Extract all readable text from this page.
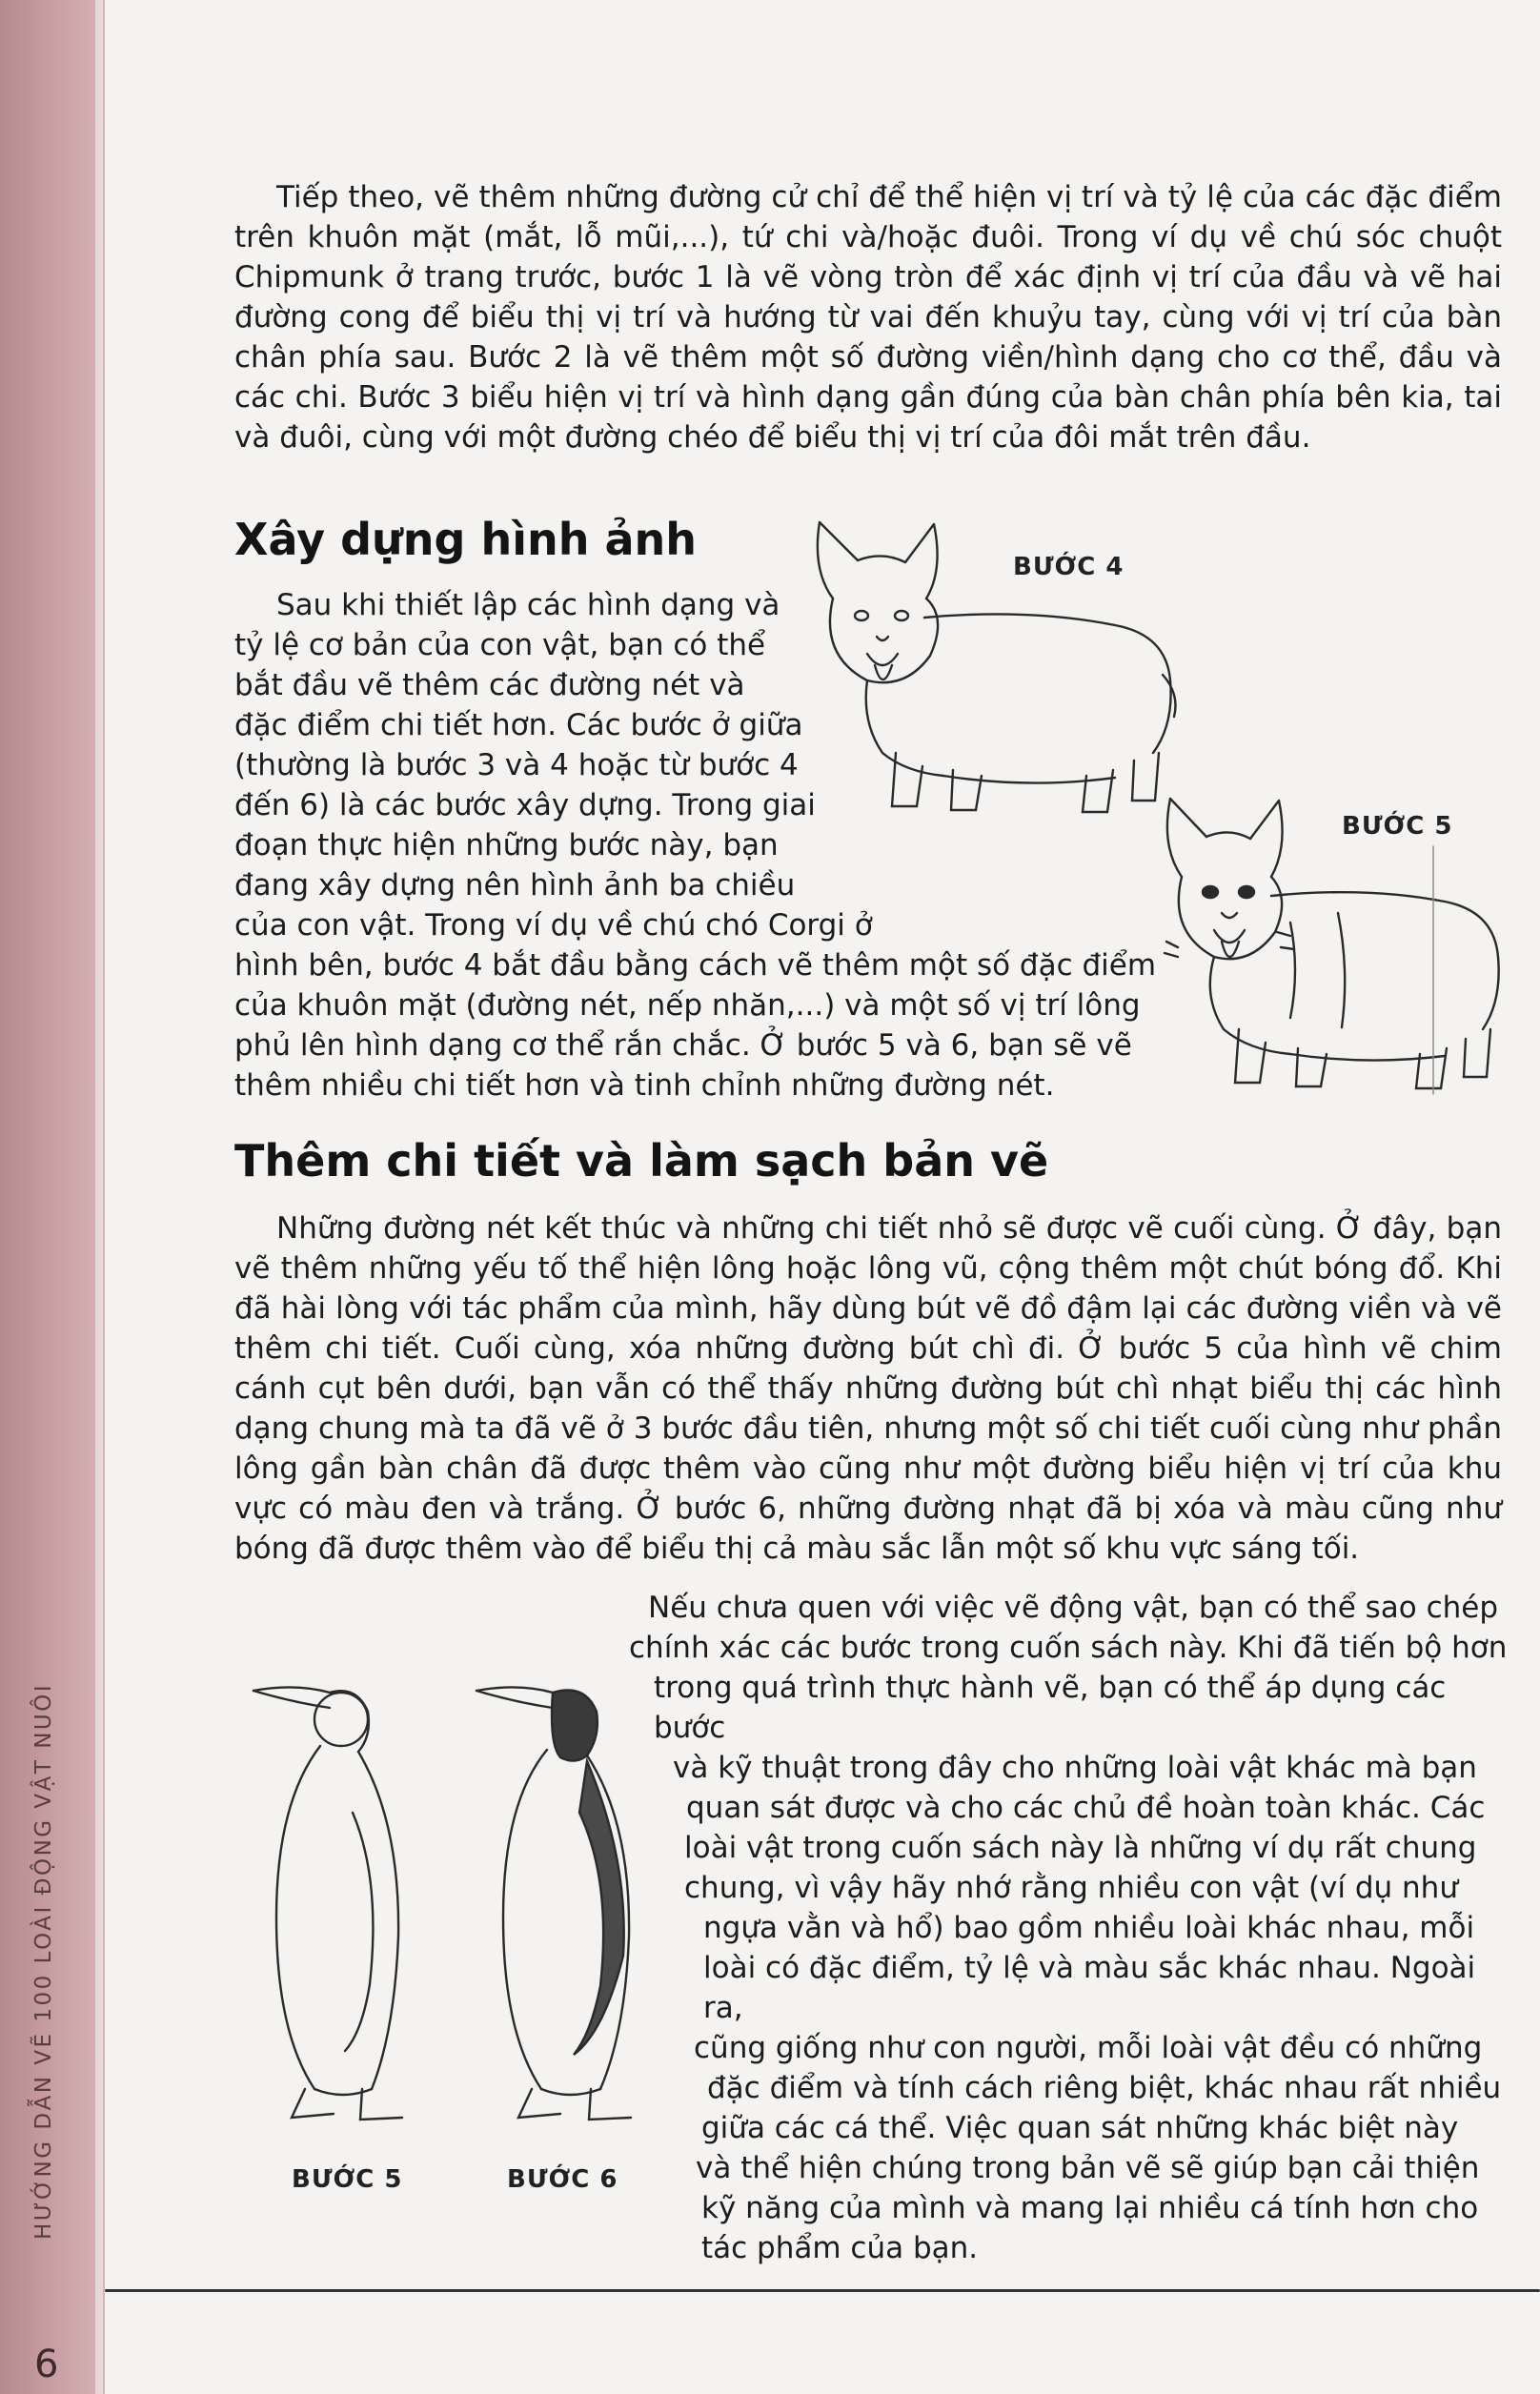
HƯỚNG DẪN VẼ 100 LOÀI ĐỘNG VẬT NUÔI
6

Tiếp theo, vẽ thêm những đường cử chỉ để thể hiện vị trí và tỷ lệ của các đặc điểm trên khuôn mặt (mắt, lỗ mũi,...), tứ chi và/hoặc đuôi. Trong ví dụ về chú sóc chuột Chipmunk ở trang trước, bước 1 là vẽ vòng tròn để xác định vị trí của đầu và vẽ hai đường cong để biểu thị vị trí và hướng từ vai đến khuỷu tay, cùng với vị trí của bàn chân phía sau. Bước 2 là vẽ thêm một số đường viền/hình dạng cho cơ thể, đầu và các chi. Bước 3 biểu hiện vị trí và hình dạng gần đúng của bàn chân phía bên kia, tai và đuôi, cùng với một đường chéo để biểu thị vị trí của đôi mắt trên đầu.

Xây dựng hình ảnh
Sau khi thiết lập các hình dạng và
tỷ lệ cơ bản của con vật, bạn có thể
bắt đầu vẽ thêm các đường nét và
đặc điểm chi tiết hơn. Các bước ở giữa
(thường là bước 3 và 4 hoặc từ bước 4
đến 6) là các bước xây dựng. Trong giai
đoạn thực hiện những bước này, bạn
đang xây dựng nên hình ảnh ba chiều
của con vật. Trong ví dụ về chú chó Corgi ở
hình bên, bước 4 bắt đầu bằng cách vẽ thêm một số đặc điểm
của khuôn mặt (đường nét, nếp nhăn,...) và một số vị trí lông
phủ lên hình dạng cơ thể rắn chắc. Ở bước 5 và 6, bạn sẽ vẽ
thêm nhiều chi tiết hơn và tinh chỉnh những đường nét.
BƯỚC 4
BƯỚC 5
Thêm chi tiết và làm sạch bản vẽ

Những đường nét kết thúc và những chi tiết nhỏ sẽ được vẽ cuối cùng. Ở đây, bạn vẽ thêm những yếu tố thể hiện lông hoặc lông vũ, cộng thêm một chút bóng đổ. Khi đã hài lòng với tác phẩm của mình, hãy dùng bút vẽ đồ đậm lại các đường viền và vẽ thêm chi tiết. Cuối cùng, xóa những đường bút chì đi. Ở bước 5 của hình vẽ chim cánh cụt bên dưới, bạn vẫn có thể thấy những đường bút chì nhạt biểu thị các hình dạng chung mà ta đã vẽ ở 3 bước đầu tiên, nhưng một số chi tiết cuối cùng như phần lông gần bàn chân đã được thêm vào cũng như một đường biểu hiện vị trí của khu vực có màu đen và trắng. Ở bước 6, những đường nhạt đã bị xóa và màu cũng như bóng đã được thêm vào để biểu thị cả màu sắc lẫn một số khu vực sáng tối.

BƯỚC 5	BƯỚC 6
Nếu chưa quen với việc vẽ động vật, bạn có thể sao chép
chính xác các bước trong cuốn sách này. Khi đã tiến bộ hơn
trong quá trình thực hành vẽ, bạn có thể áp dụng các bước
và kỹ thuật trong đây cho những loài vật khác mà bạn
quan sát được và cho các chủ đề hoàn toàn khác. Các
loài vật trong cuốn sách này là những ví dụ rất chung
chung, vì vậy hãy nhớ rằng nhiều con vật (ví dụ như
ngựa vằn và hổ) bao gồm nhiều loài khác nhau, mỗi
loài có đặc điểm, tỷ lệ và màu sắc khác nhau. Ngoài ra,
cũng giống như con người, mỗi loài vật đều có những
đặc điểm và tính cách riêng biệt, khác nhau rất nhiều
giữa các cá thể. Việc quan sát những khác biệt này
và thể hiện chúng trong bản vẽ sẽ giúp bạn cải thiện
kỹ năng của mình và mang lại nhiều cá tính hơn cho
tác phẩm của bạn.
